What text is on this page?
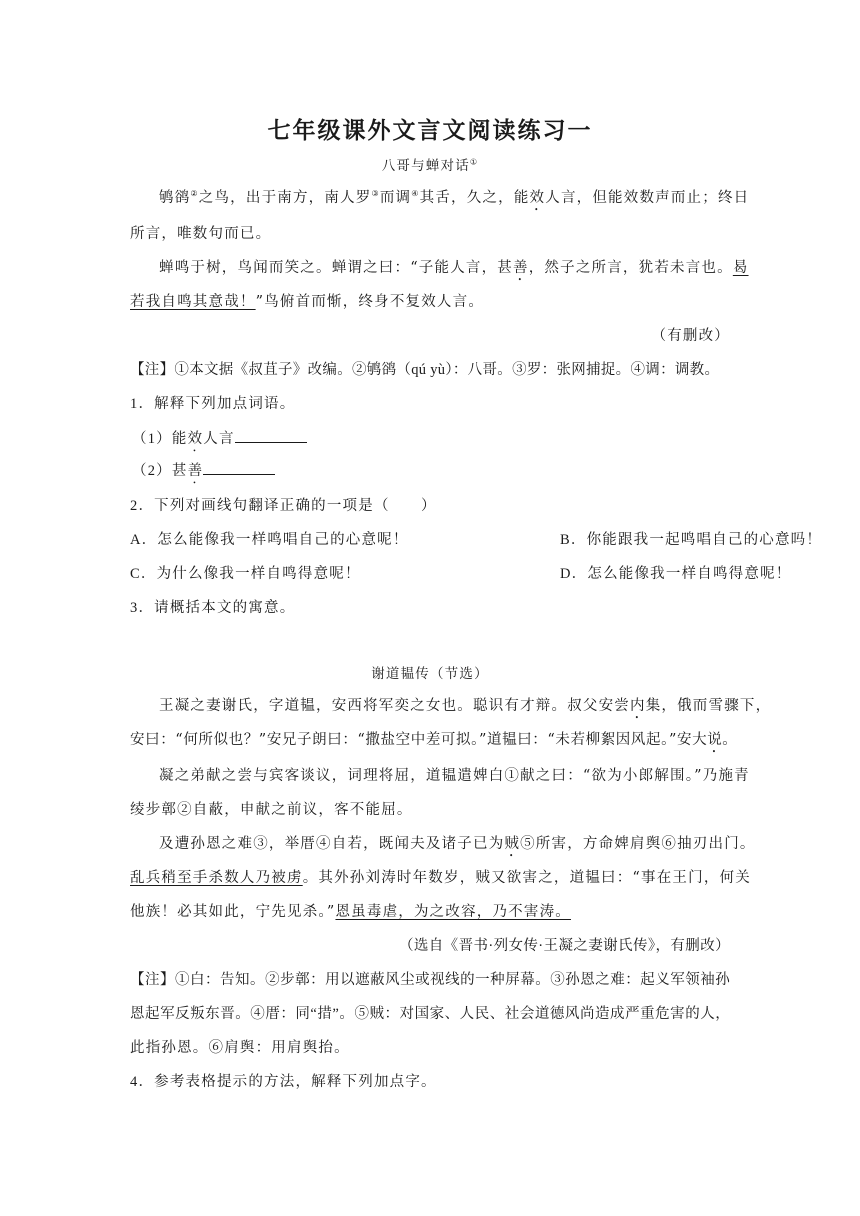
七年级课外文言文阅读练习一
八哥与蝉对话①
鸲鹆②之鸟，出于南方，南人罗③而调④其舌，久之，能效人言，但能效数声而止；终日
所言，唯数句而已。
蝉鸣于树，鸟闻而笑之。蝉谓之曰：“子能人言，甚善，然子之所言，犹若未言也。曷
若我自鸣其意哉！”鸟俯首而惭，终身不复效人言。
（有删改）
【注】①本文据《叔苴子》改编。②鸲鹆（qú yù）：八哥。③罗：张网捕捉。④调：调教。
1．解释下列加点词语。
（1）能效人言
（2）甚善
2．下列对画线句翻译正确的一项是（　　）
A．怎么能像我一样鸣唱自己的心意呢！	B．你能跟我一起鸣唱自己的心意吗！
C．为什么像我一样自鸣得意呢！	D．怎么能像我一样自鸣得意呢！
3．请概括本文的寓意。
谢道韫传（节选）
王凝之妻谢氏，字道韫，安西将军奕之女也。聪识有才辩。叔父安尝内集，俄而雪骤下，
安曰：“何所似也？”安兄子朗曰：“撒盐空中差可拟。”道韫曰：“未若柳絮因风起。”安大说。
凝之弟献之尝与宾客谈议，词理将屈，道韫遣婢白①献之曰：“欲为小郎解围。”乃施青
绫步鄣②自蔽，申献之前议，客不能屈。
及遭孙恩之难③，举厝④自若，既闻夫及诸子已为贼⑤所害，方命婢肩舆⑥抽刃出门。
乱兵稍至手杀数人乃被虏。其外孙刘涛时年数岁，贼又欲害之，道韫曰：“事在王门，何关
他族！必其如此，宁先见杀。”恩虽毒虐，为之改容，乃不害涛。
（选自《晋书·列女传·王凝之妻谢氏传》，有删改）
【注】①白：告知。②步鄣：用以遮蔽风尘或视线的一种屏幕。③孙恩之难：起义军领袖孙
恩起军反叛东晋。④厝：同“措”。⑤贼：对国家、人民、社会道德风尚造成严重危害的人，
此指孙恩。⑥肩舆：用肩舆抬。
4．参考表格提示的方法，解释下列加点字。
